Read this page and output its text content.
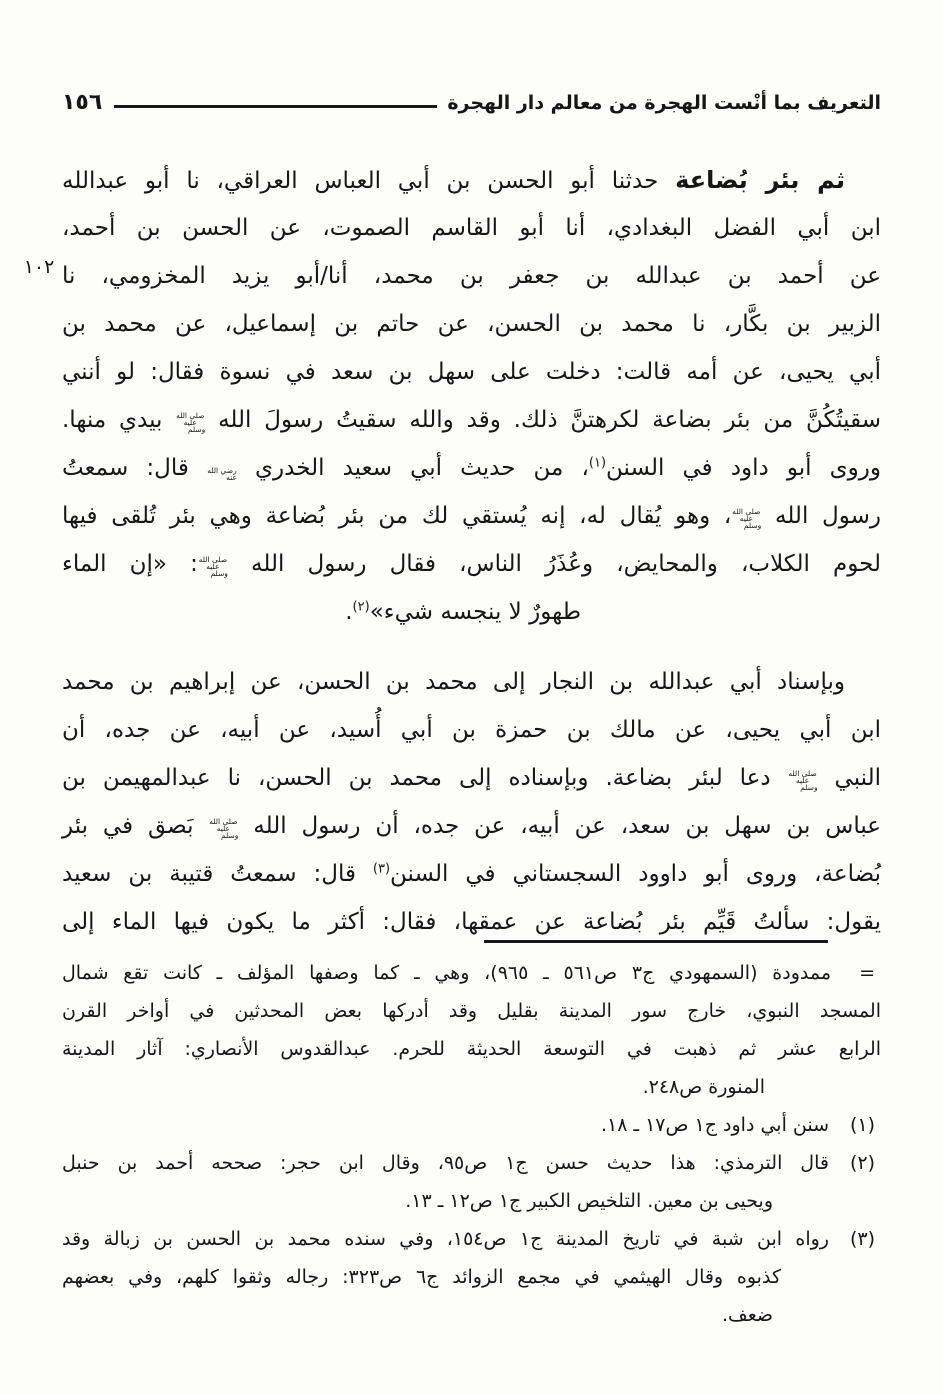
التعريف بما أنْست الهجرة من معالم دار الهجرة
١٥٦
١٠٢
ثم بئر بُضاعة حدثنا أبو الحسن بن أبي العباس العراقي، نا أبو عبدالله
ابن أبي الفضل البغدادي، أنا أبو القاسم الصموت، عن الحسن بن أحمد،
عن أحمد بن عبدالله بن جعفر بن محمد، أنا/أبو يزيد المخزومي، نا
الزبير بن بكَّار، نا محمد بن الحسن، عن حاتم بن إسماعيل، عن محمد بن
أبي يحيى، عن أمه قالت: دخلت على سهل بن سعد في نسوة فقال: لو أنني
سقيتُكُنَّ من بئر بضاعة لكرهتنَّ ذلك. وقد والله سقيتُ رسولَ الله صلى الله عليه وسلم بيدي منها.
وروى أبو داود في السنن$^{(١)}$، من حديث أبي سعيد الخدري رضي الله عنه قال: سمعتُ
رسول الله صلى الله عليه وسلم، وهو يُقال له، إنه يُستقي لك من بئر بُضاعة وهي بئر تُلقى فيها
لحوم الكلاب، والمحايض، وعُذَرُ الناس، فقال رسول الله صلى الله عليه وسلم: «إن الماء
طهورٌ لا ينجسه شيء»$^{(٢)}$.
وبإسناد أبي عبدالله بن النجار إلى محمد بن الحسن، عن إبراهيم بن محمد
ابن أبي يحيى، عن مالك بن حمزة بن أبي أُسيد، عن أبيه، عن جده، أن
النبي صلى الله عليه وسلم دعا لبئر بضاعة. وبإسناده إلى محمد بن الحسن، نا عبدالمهيمن بن
عباس بن سهل بن سعد، عن أبيه، عن جده، أن رسول الله صلى الله عليه وسلم بَصق في بئر
بُضاعة، وروى أبو داوود السجستاني في السنن$^{(٣)}$ قال: سمعتُ قتيبة بن سعيد
يقول: سألتُ قَيِّم بئر بُضاعة عن عمقها، فقال: أكثر ما يكون فيها الماء إلى
=
ممدودة (السمهودي ج٣ ص٥٦١ ـ ٩٦٥)، وهي ـ كما وصفها المؤلف ـ كانت تقع شمال
المسجد النبوي، خارج سور المدينة بقليل وقد أدركها بعض المحدثين في أواخر القرن
الرابع عشر ثم ذهبت في التوسعة الحديثة للحرم. عبدالقدوس الأنصاري: آثار المدينة
المنورة ص٢٤٨.
(١)
سنن أبي داود ج١ ص١٧ ـ ١٨.
(٢)
قال الترمذي: هذا حديث حسن ج١ ص٩٥، وقال ابن حجر: صححه أحمد بن حنبل
ويحيى بن معين. التلخيص الكبير ج١ ص١٢ ـ ١٣.
(٣)
رواه ابن شبة في تاريخ المدينة ج١ ص١٥٤، وفي سنده محمد بن الحسن بن زبالة وقد
كذبوه وقال الهيثمي في مجمع الزوائد ج٦ ص٣٢٣: رجاله وثقوا كلهم، وفي بعضهم
ضعف.
